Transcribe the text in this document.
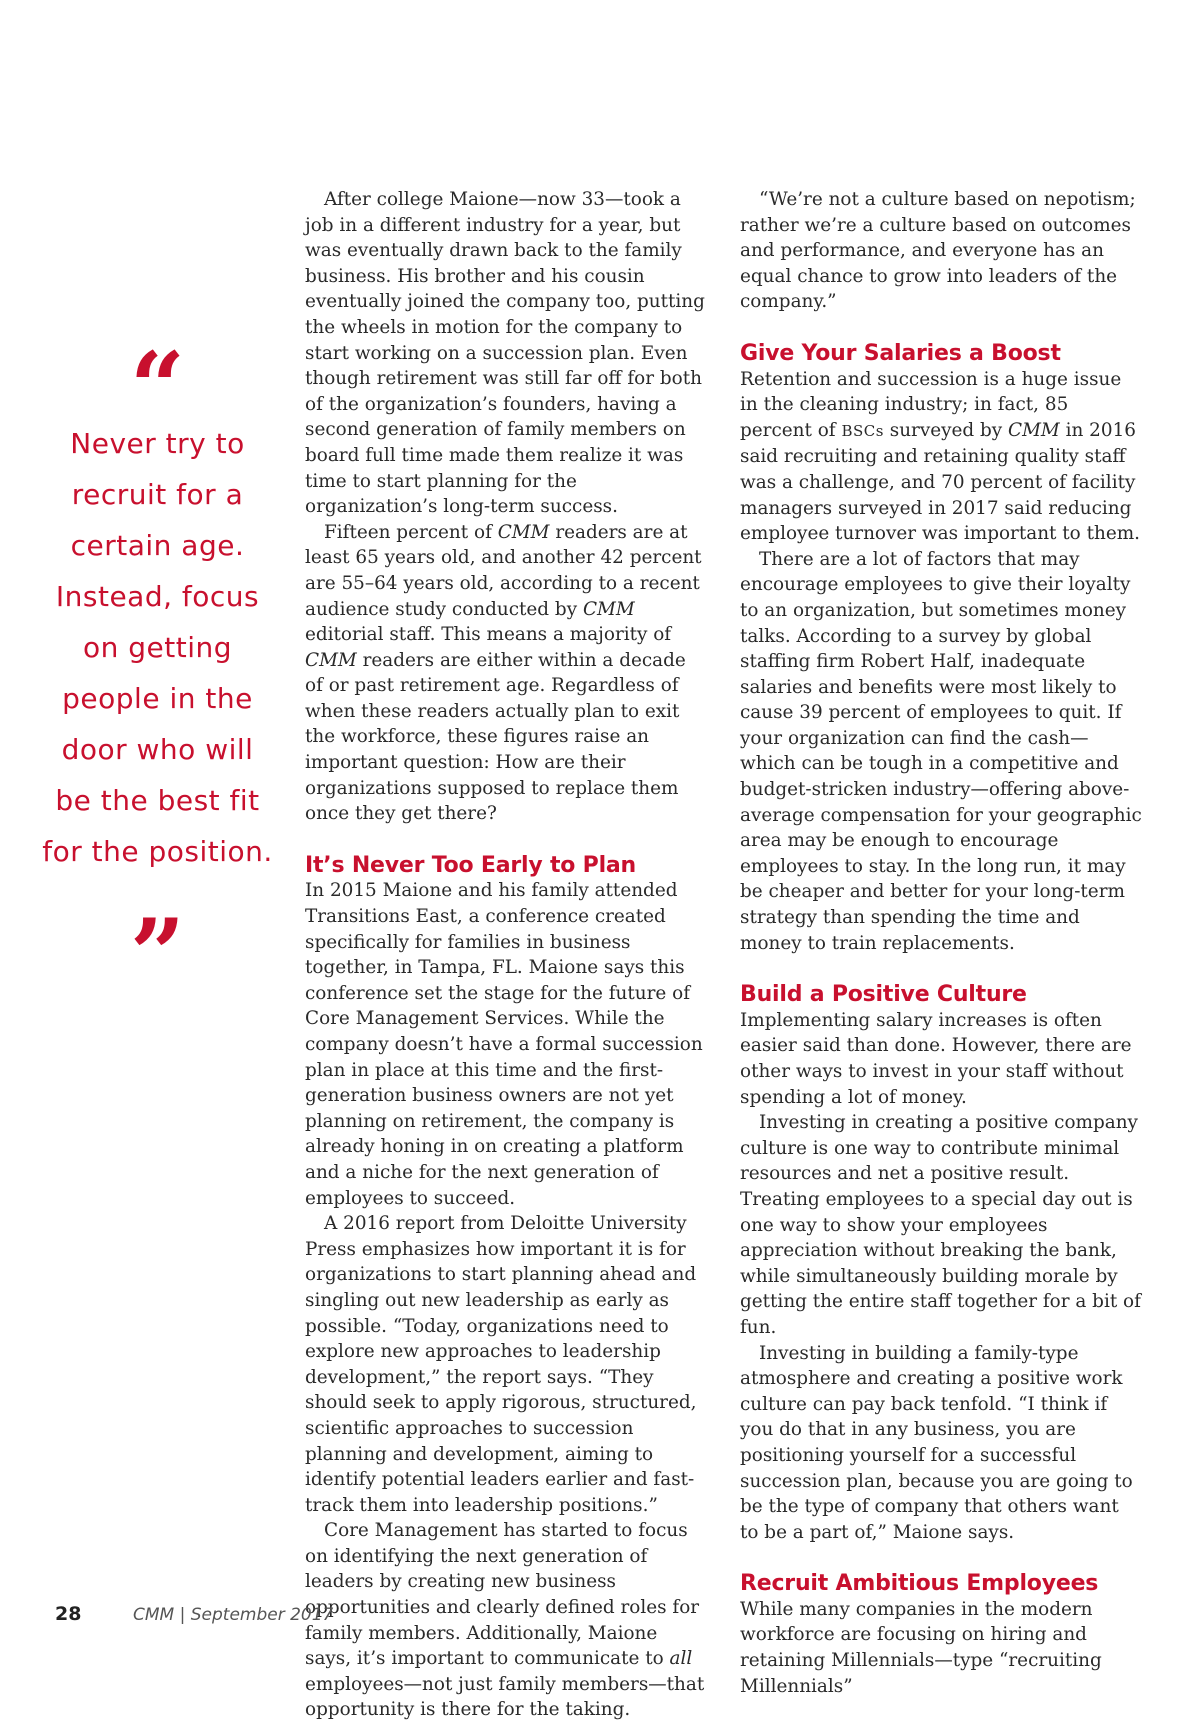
“
Never try to recruit for a certain age. Instead, focus on getting people in the door who will be the best fit for the position.
”

After college Maione—now 33—took a job in a different industry for a year, but was eventually drawn back to the family business. His brother and his cousin eventually joined the company too, putting the wheels in motion for the company to start working on a succession plan. Even though retirement was still far off for both of the organization’s founders, having a second generation of family members on board full time made them realize it was time to start planning for the organization’s long-term success.

Fifteen percent of CMM readers are at least 65 years old, and another 42 percent are 55–64 years old, according to a recent audience study conducted by CMM editorial staff. This means a majority of CMM readers are either within a decade of or past retirement age. Regardless of when these readers actually plan to exit the workforce, these figures raise an important question: How are their organizations supposed to replace them once they get there?

It’s Never Too Early to Plan

In 2015 Maione and his family attended Transitions East, a conference created specifically for families in business together, in Tampa, FL. Maione says this conference set the stage for the future of Core Management Services. While the company doesn’t have a formal succession plan in place at this time and the first-generation business owners are not yet planning on retirement, the company is already honing in on creating a platform and a niche for the next generation of employees to succeed.

A 2016 report from Deloitte University Press emphasizes how important it is for organizations to start planning ahead and singling out new leadership as early as possible. “Today, organizations need to explore new approaches to leadership development,” the report says. “They should seek to apply rigorous, structured, scientific approaches to succession planning and development, aiming to identify potential leaders earlier and fast-track them into leadership positions.”

Core Management has started to focus on identifying the next generation of leaders by creating new business opportunities and clearly defined roles for family members. Additionally, Maione says, it’s important to communicate to all employees—not just family members—that opportunity is there for the taking.

“We’re not a culture based on nepotism; rather we’re a culture based on outcomes and performance, and everyone has an equal chance to grow into leaders of the company.”

Give Your Salaries a Boost

Retention and succession is a huge issue in the cleaning industry; in fact, 85 percent of BSCs surveyed by CMM in 2016 said recruiting and retaining quality staff was a challenge, and 70 percent of facility managers surveyed in 2017 said reducing employee turnover was important to them.

There are a lot of factors that may encourage employees to give their loyalty to an organization, but sometimes money talks. According to a survey by global staffing firm Robert Half, inadequate salaries and benefits were most likely to cause 39 percent of employees to quit. If your organization can find the cash—which can be tough in a competitive and budget-stricken industry—offering above-average compensation for your geographic area may be enough to encourage employees to stay. In the long run, it may be cheaper and better for your long-term strategy than spending the time and money to train replacements.

Build a Positive Culture

Implementing salary increases is often easier said than done. However, there are other ways to invest in your staff without spending a lot of money.

Investing in creating a positive company culture is one way to contribute minimal resources and net a positive result. Treating employees to a special day out is one way to show your employees appreciation without breaking the bank, while simultaneously building morale by getting the entire staff together for a bit of fun.

Investing in building a family-type atmosphere and creating a positive work culture can pay back tenfold. “I think if you do that in any business, you are positioning yourself for a successful succession plan, because you are going to be the type of company that others want to be a part of,” Maione says.

Recruit Ambitious Employees

While many companies in the modern workforce are focusing on hiring and retaining Millennials—type “recruiting Millennials”

28	CMM | September 2017
